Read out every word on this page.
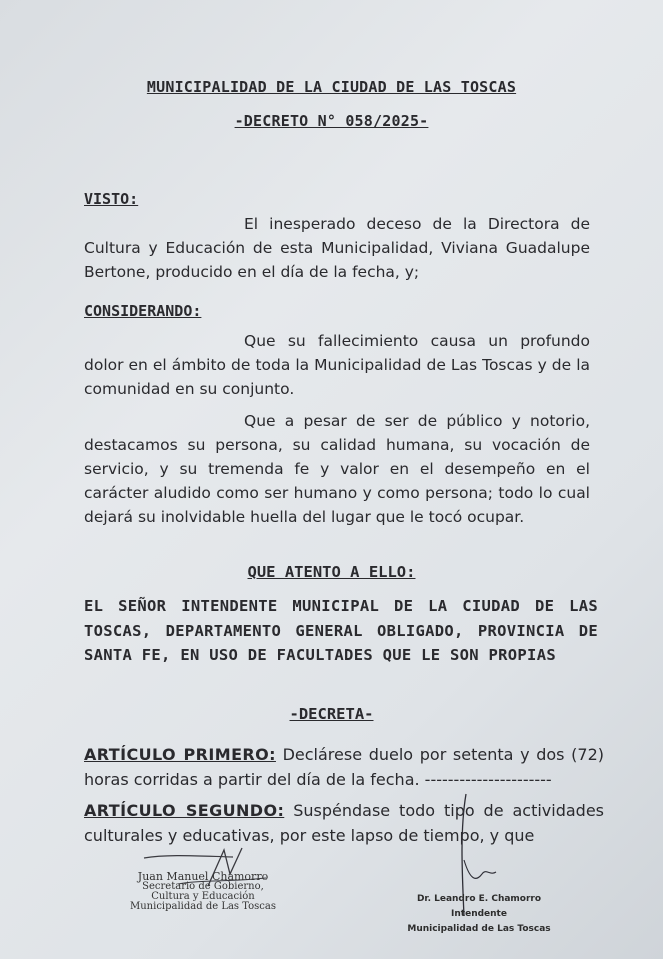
MUNICIPALIDAD DE LA CIUDAD DE LAS TOSCAS
-DECRETO N° 058/2025-
VISTO:
El inesperado deceso de la Directora de Cultura y Educación de esta Municipalidad, Viviana Guadalupe Bertone, producido en el día de la fecha, y;
CONSIDERANDO:
Que su fallecimiento causa un profundo dolor en el ámbito de toda la Municipalidad de Las Toscas y de la comunidad en su conjunto.
Que a pesar de ser de público y notorio, destacamos su persona, su calidad humana, su vocación de servicio, y su tremenda fe y valor en el desempeño en el carácter aludido como ser humano y como persona; todo lo cual dejará su inolvidable huella del lugar que le tocó ocupar.
QUE ATENTO A ELLO:
EL SEÑOR INTENDENTE MUNICIPAL DE LA CIUDAD DE LAS TOSCAS, DEPARTAMENTO GENERAL OBLIGADO, PROVINCIA DE SANTA FE, EN USO DE FACULTADES QUE LE SON PROPIAS
-DECRETA-
ARTÍCULO PRIMERO: Declárese duelo por setenta y dos (72) horas corridas a partir del día de la fecha. ----------------------
ARTÍCULO SEGUNDO: Suspéndase todo tipo de actividades culturales y educativas, por este lapso de tiempo, y que
Juan Manuel Chamorro
Secretario de Gobierno,
Cultura y Educación
Municipalidad de Las Toscas
Dr. Leandro E. Chamorro
Intendente
Municipalidad de Las Toscas
